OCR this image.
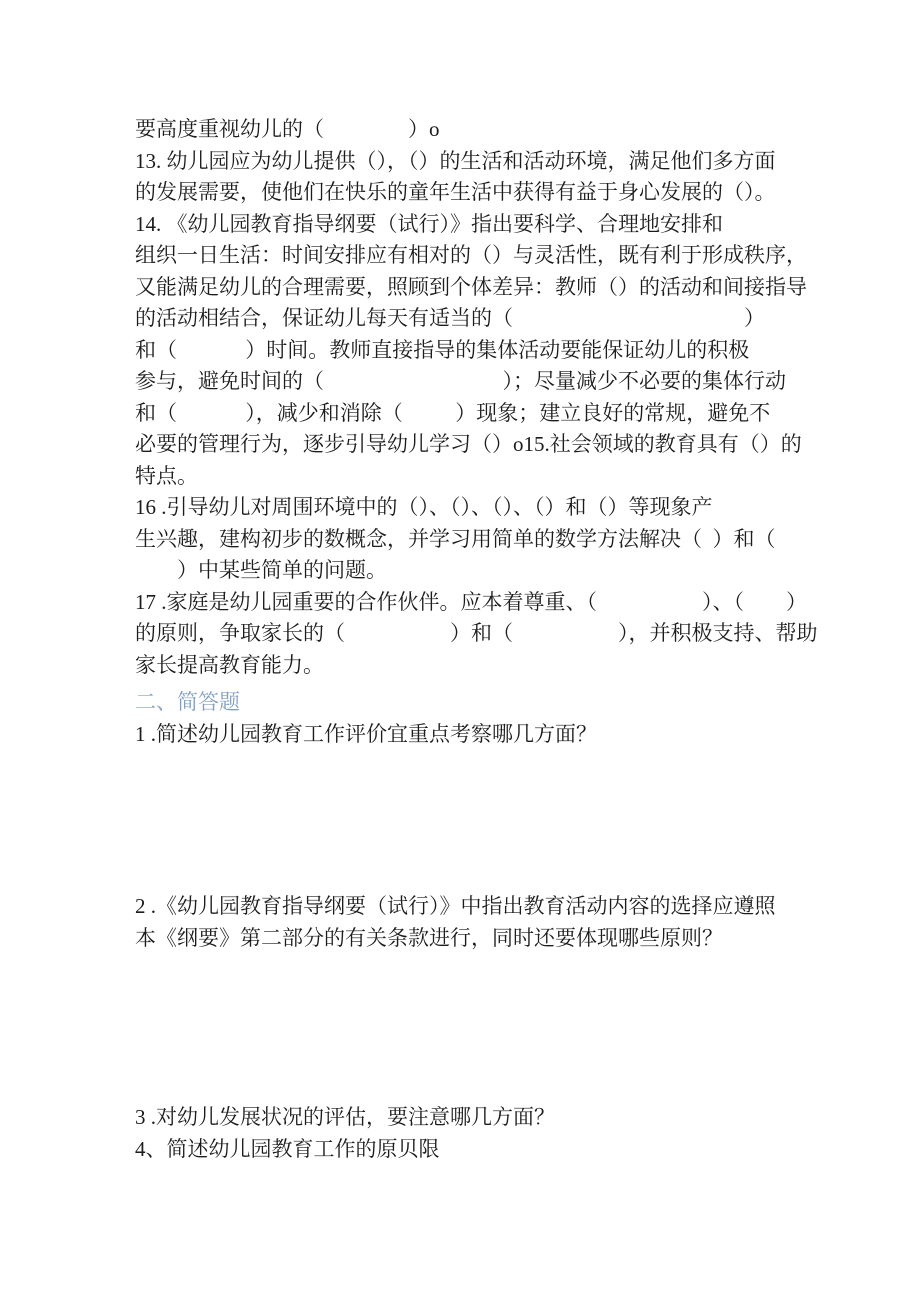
要高度重视幼儿的（                ）o

13. 幼儿园应为幼儿提供（），（）的生活和活动环境，满足他们多方面

的发展需要，使他们在快乐的童年生活中获得有益于身心发展的（）。

14. 《幼儿园教育指导纲要（试行）》指出要科学、合理地安排和

组织一日生活：时间安排应有相对的（）与灵活性，既有利于形成秩序，

又能满足幼儿的合理需要，照顾到个体差异：教师（）的活动和间接指导

的活动相结合，保证幼儿每天有适当的（                                            ）

和（             ）时间。教师直接指导的集体活动要能保证幼儿的积极

参与，避免时间的（                                  ）；尽量减少不必要的集体行动

和（             ），减少和消除（          ）现象；建立良好的常规，避免不

必要的管理行为，逐步引导幼儿学习（）o15.社会领域的教育具有（）的

特点。

16 .引导幼儿对周围环境中的（）、（）、（）、（）和（）等现象产

生兴趣，建构初步的数概念，并学习用简单的数学方法解决（  ）和（

）中某些简单的问题。

17 .家庭是幼儿园重要的合作伙伴。应本着尊重、（                    ）、（        ）

的原则，争取家长的（                    ）和（                    ），并积极支持、帮助

家长提高教育能力。

二、简答题

1 .简述幼儿园教育工作评价宜重点考察哪几方面？

2 .《幼儿园教育指导纲要（试行）》中指出教育活动内容的选择应遵照

本《纲要》第二部分的有关条款进行，同时还要体现哪些原则？

3 .对幼儿发展状况的评估，要注意哪几方面？

4、简述幼儿园教育工作的原贝限
